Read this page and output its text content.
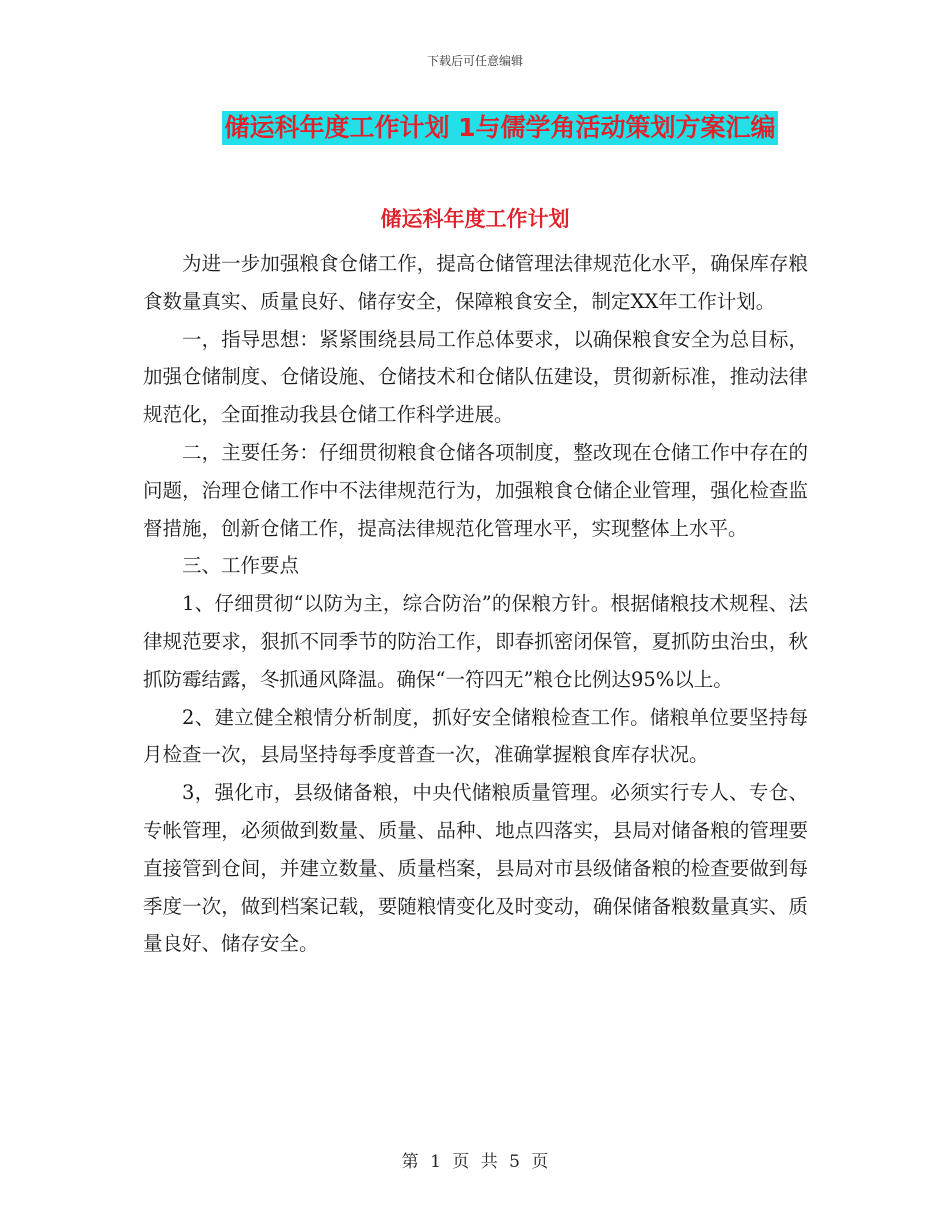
下载后可任意编辑
储运科年度工作计划 1与儒学角活动策划方案汇编
储运科年度工作计划

为进一步加强粮食仓储工作，提高仓储管理法律规范化水平，确保库存粮食数量真实、质量良好、储存安全，保障粮食安全，制定XX年工作计划。

一，指导思想：紧紧围绕县局工作总体要求，以确保粮食安全为总目标，加强仓储制度、仓储设施、仓储技术和仓储队伍建设，贯彻新标准，推动法律规范化，全面推动我县仓储工作科学进展。

二，主要任务：仔细贯彻粮食仓储各项制度，整改现在仓储工作中存在的问题，治理仓储工作中不法律规范行为，加强粮食仓储企业管理，强化检查监督措施，创新仓储工作，提高法律规范化管理水平，实现整体上水平。

三、工作要点

1、仔细贯彻“以防为主，综合防治”的保粮方针。根据储粮技术规程、法律规范要求，狠抓不同季节的防治工作，即春抓密闭保管，夏抓防虫治虫，秋抓防霉结露，冬抓通风降温。确保“一符四无”粮仓比例达95%以上。

2、建立健全粮情分析制度，抓好安全储粮检查工作。储粮单位要坚持每月检查一次，县局坚持每季度普查一次，准确掌握粮食库存状况。

3，强化市，县级储备粮，中央代储粮质量管理。必须实行专人、专仓、专帐管理，必须做到数量、质量、品种、地点四落实，县局对储备粮的管理要直接管到仓间，并建立数量、质量档案，县局对市县级储备粮的检查要做到每季度一次，做到档案记载，要随粮情变化及时变动，确保储备粮数量真实、质量良好、储存安全。

第 1 页 共 5 页
